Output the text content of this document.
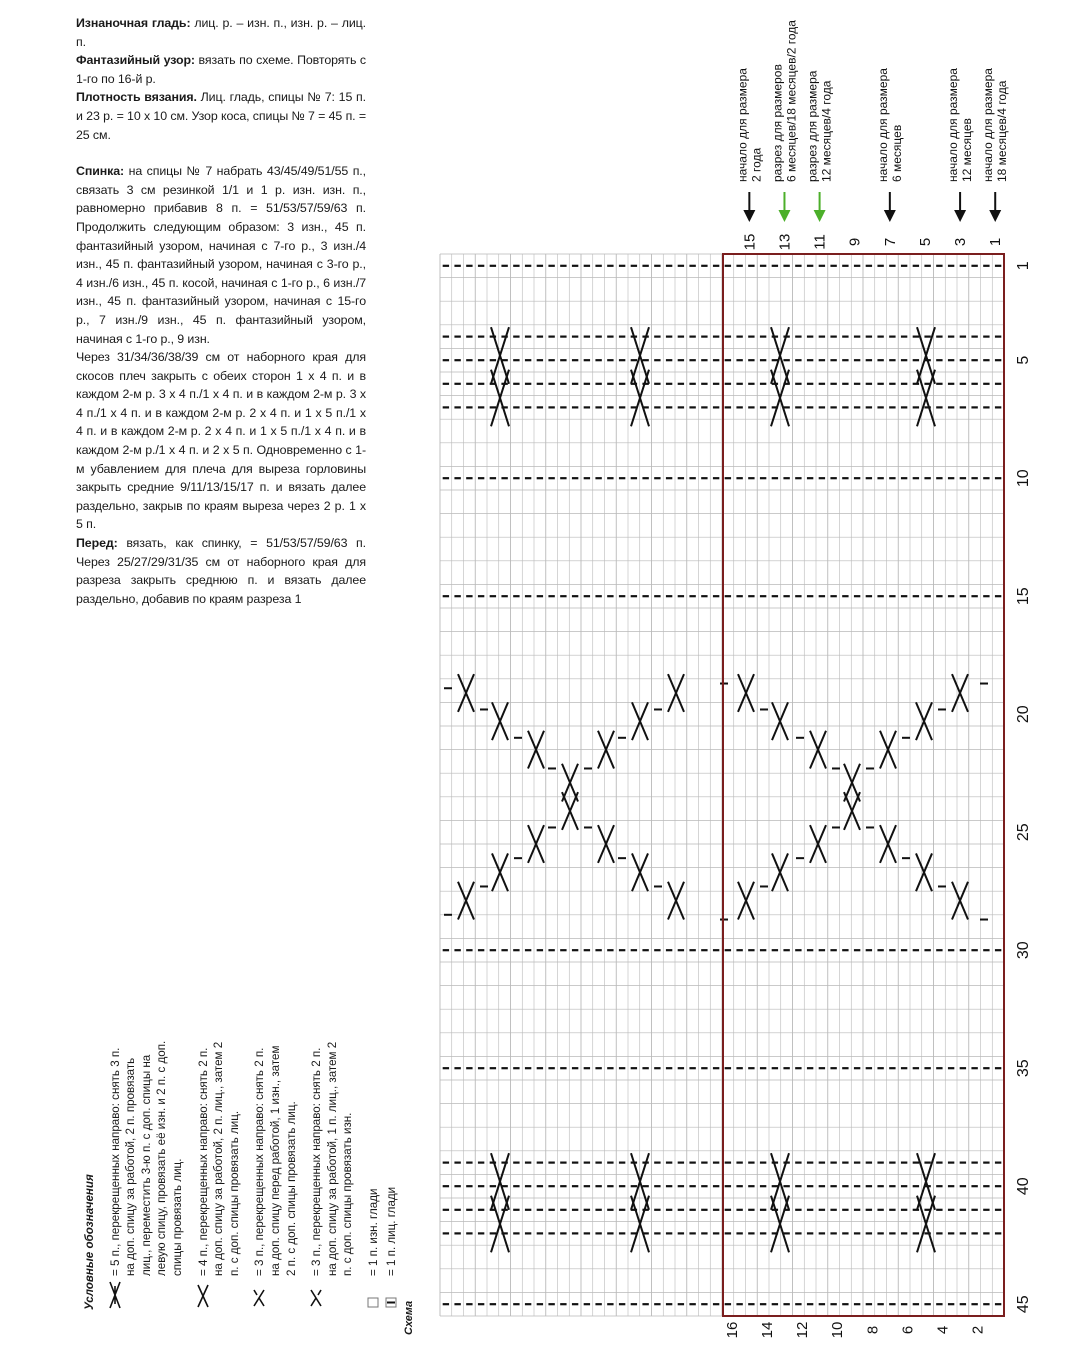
Изнаночная гладь: лиц. р. – изн. п., изн. р. – лиц. п.

Фантазийный узор: вязать по схеме. Повторять с 1-го по 16-й р.

Плотность вязания. Лиц. гладь, спицы № 7: 15 п. и 23 р. = 10 х 10 см. Узор коса, спицы № 7 = 45 п. = 25 см.

Спинка: на спицы № 7 набрать 43/45/49/51/55 п., связать 3 см резинкой 1/1 и 1 р. изн. изн. п., равномерно прибавив 8 п. = 51/53/57/59/63 п. Продолжить следующим образом: 3 изн., 45 п. фантазийный узором, начиная с 7-го р., 3 изн./4 изн., 45 п. фантазийный узором, начиная с 3-го р., 4 изн./6 изн., 45 п. косой, начиная с 1-го р., 6 изн./7 изн., 45 п. фантазийный узором, начиная с 15-го р., 7 изн./9 изн., 45 п. фантазийный узором, начиная с 1-го р., 9 изн.

Через 31/34/36/38/39 см от наборного края для скосов плеч закрыть с обеих сторон 1 х 4 п. и в каждом 2-м р. 3 х 4 п./1 х 4 п. и в каждом 2-м р. 3 х 4 п./1 х 4 п. и в каждом 2-м р. 2 х 4 п. и 1 х 5 п./1 х 4 п. и в каждом 2-м р. 2 х 4 п. и 1 х 5 п./1 х 4 п. и в каждом 2-м р./1 х 4 п. и 2 х 5 п. Одновременно с 1-м убавлением для плеча для выреза горловины закрыть средние 9/11/13/15/17 п. и вязать далее раздельно, закрыв по краям выреза через 2 р. 1 х 5 п.

Перед: вязать, как спинку, = 51/53/57/59/63 п. Через 25/27/29/31/35 см от наборного края для разреза закрыть среднюю п. и вязать далее раздельно, добавив по краям разреза 1

Условные обозначения = 5 п., перекрещенных направо: снять 3 п. на доп. спицу за работой, 2 п. провязать лиц., переместить 3-ю п. с доп. спицы на левую спицу, провязать её изн. и 2 п. с доп. спицы провязать лиц. = 4 п., перекрещенных направо: снять 2 п. на доп. спицу за работой, 2 п. лиц., затем 2 п. с доп. спицы провязать лиц. = 3 п., перекрещенных направо: снять 2 п. на доп. спицу перед работой, 1 изн., затем 2 п. с доп. спицы провязать лиц. = 3 п., перекрещенных направо: снять 2 п. на доп. спицу за работой, 1 п. лиц., затем 2 п. с доп. спицы провязать изн. = 1 п. изн. глади = 1 п. лиц. глади
Схема
1
5
10
15
20
25
30
35
40
45
15 13 11 9 7 5 3 1
16 14 12 10 8 6 4 2
начало для размера 2 года разрез для размеров 6 месяцев/18 месяцев/2 года разрез для размера 12 месяцев/4 года	начало для размера 6 месяцев	начало для размера 12 месяцев начало для размера 18 месяцев/4 года
